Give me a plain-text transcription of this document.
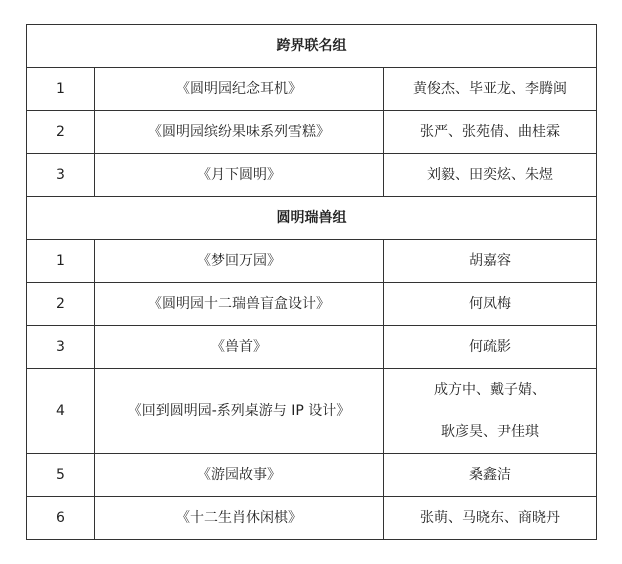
跨界联名组		
1	《圆明园纪念耳机》	黄俊杰、毕亚龙、李腾闽
2	《圆明园缤纷果味系列雪糕》	张严、张苑倩、曲桂霖
3	《月下圆明》	刘毅、田奕炫、朱煜
圆明瑞兽组		
1	《梦回万园》	胡嘉容
2	《圆明园十二瑞兽盲盒设计》	何凤梅
3	《兽首》	何疏影
4	《回到圆明园-系列桌游与 IP 设计》	成方中、戴子婧、
耿彦昊、尹佳琪

5	《游园故事》	桑鑫洁
6	《十二生肖休闲棋》	张萌、马晓东、商晓丹
